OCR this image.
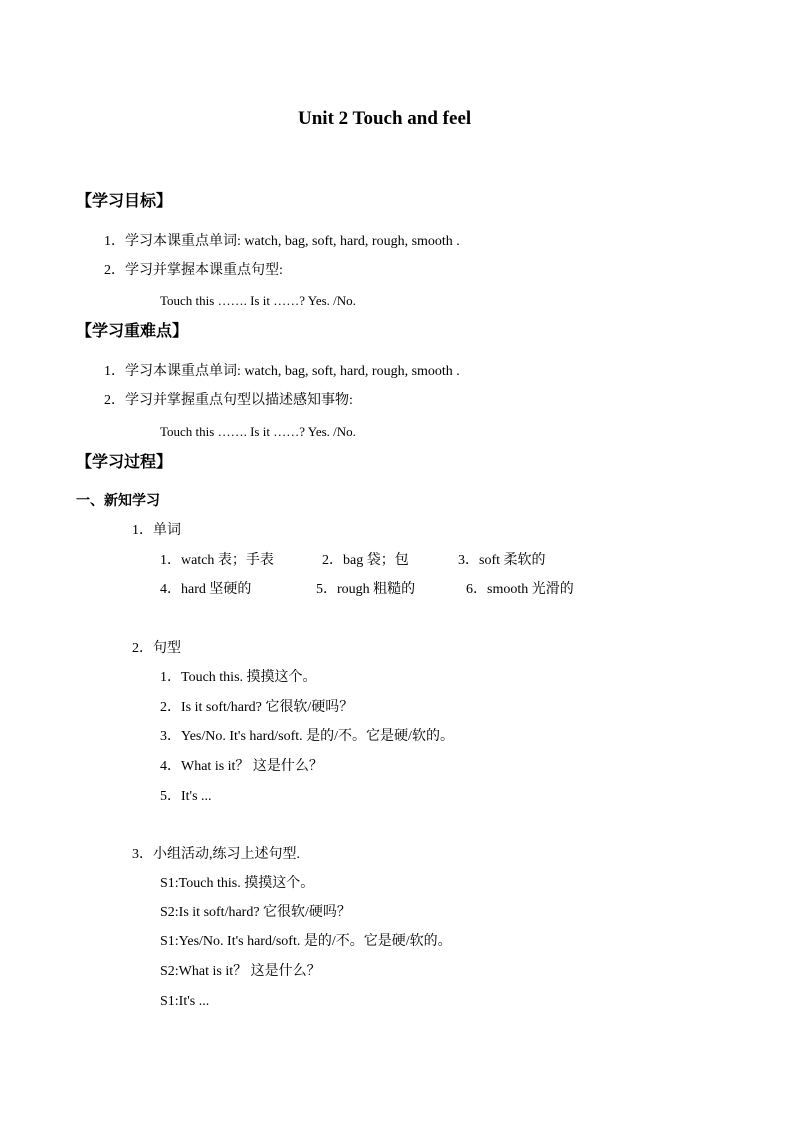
Unit 2 Touch and feel
【学习目标】
1．学习本课重点单词: watch, bag, soft, hard, rough, smooth .
2．学习并掌握本课重点句型:
Touch this ……. Is it ……? Yes. /No.
【学习重难点】
1．学习本课重点单词: watch, bag, soft, hard, rough, smooth .
2．学习并掌握重点句型以描述感知事物:
Touch this ……. Is it ……? Yes. /No.
【学习过程】
一、新知学习
1．单词
1．watch 表；手表	2．bag 袋；包	3．soft 柔软的
4．hard 坚硬的	5．rough 粗糙的	6．smooth 光滑的
2．句型
1．Touch this. 摸摸这个。
2．Is it soft/hard? 它很软/硬吗？
3．Yes/No. It's hard/soft. 是的/不。它是硬/软的。
4．What is it？ 这是什么？
5．It's ...
3．小组活动,练习上述句型.
S1:Touch this. 摸摸这个。
S2:Is it soft/hard? 它很软/硬吗？
S1:Yes/No. It's hard/soft. 是的/不。它是硬/软的。
S2:What is it？ 这是什么？
S1:It's ...
